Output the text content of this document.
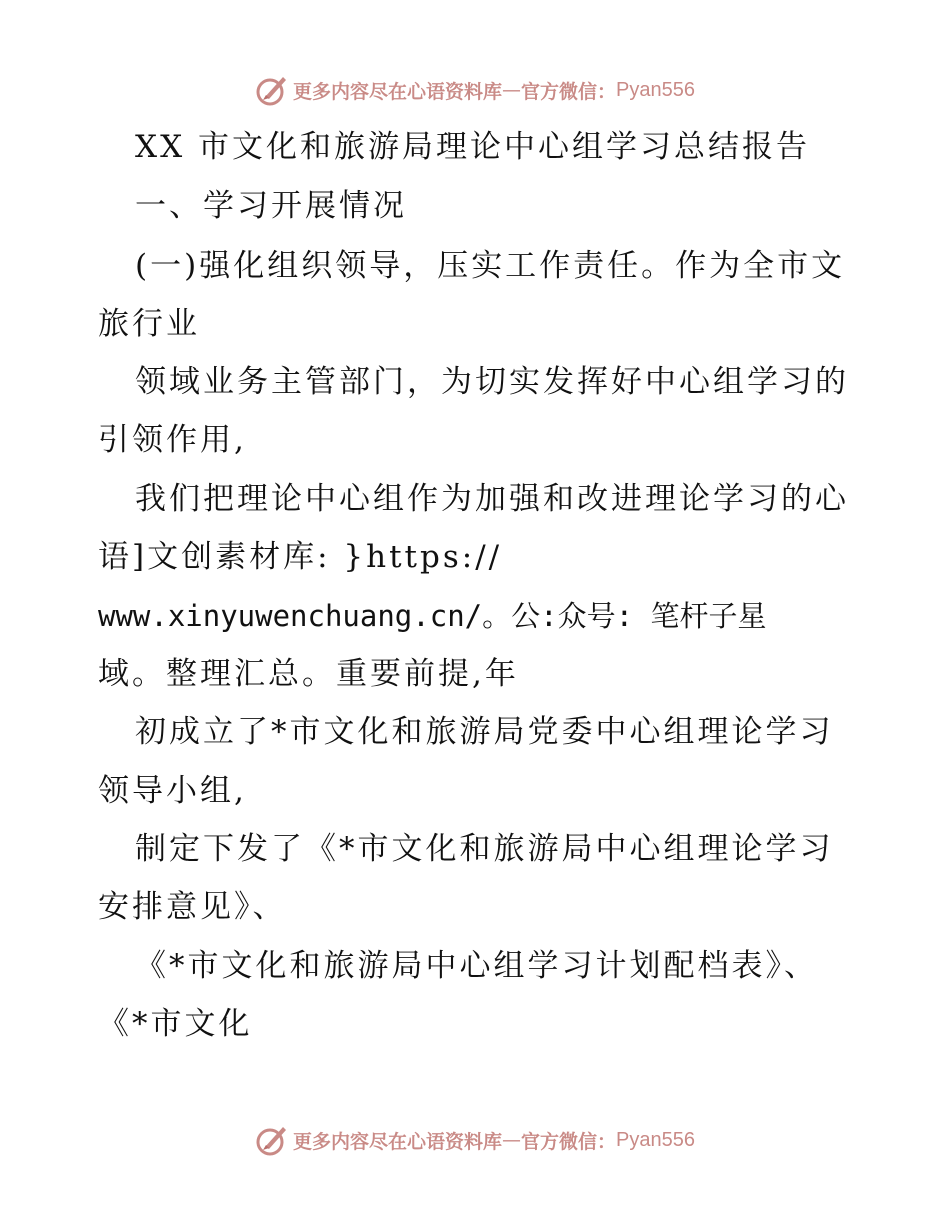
更多内容尽在心语资料库 — 官方微信： Pyan556
XX 市文化和旅游局理论中心组学习总结报告
一、学习开展情况
(一)强化组织领导，压实工作责任。作为全市文
旅行业
领域业务主管部门，为切实发挥好中心组学习的
引领作用,
我们把理论中心组作为加强和改进理论学习的心
语]文创素材库: }https://
www.xinyuwenchuang.cn/。公:众号: 笔杆子星
域。整理汇总。重要前提,年
初成立了*市文化和旅游局党委中心组理论学习
领导小组,
制定下发了《*市文化和旅游局中心组理论学习
安排意见》、
《*市文化和旅游局中心组学习计划配档表》、
《*市文化
更多内容尽在心语资料库 — 官方微信： Pyan556
